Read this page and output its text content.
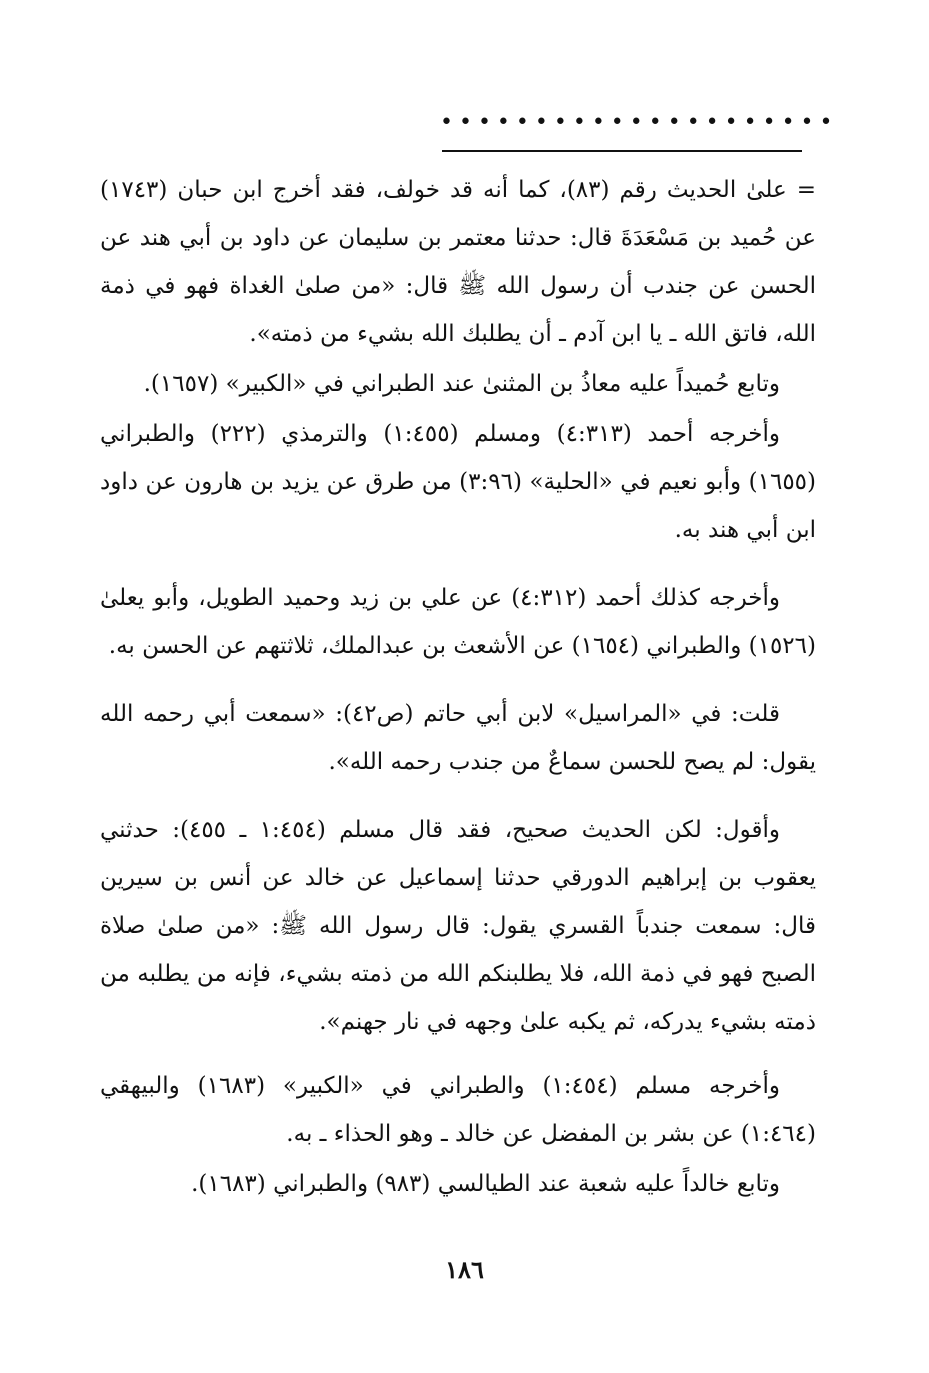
•••••••••••••••••••••

= علىٰ الحديث رقم (٨٣)، كما أنه قد خولف، فقد أخرج ابن حبان (١٧٤٣) عن حُميد بن مَسْعَدَةَ قال: حدثنا معتمر بن سليمان عن داود بن أبي هند عن الحسن عن جندب أن رسول الله ﷺ قال: «من صلىٰ الغداة فهو في ذمة الله، فاتق الله ـ يا ابن آدم ـ أن يطلبك الله بشيء من ذمته».

وتابع حُميداً عليه معاذُ بن المثنىٰ عند الطبراني في «الكبير» (١٦٥٧).

وأخرجه أحمد (٤:٣١٣) ومسلم (١:٤٥٥) والترمذي (٢٢٢) والطبراني (١٦٥٥) وأبو نعيم في «الحلية» (٣:٩٦) من طرق عن يزيد بن هارون عن داود ابن أبي هند به.

وأخرجه كذلك أحمد (٤:٣١٢) عن علي بن زيد وحميد الطويل، وأبو يعلىٰ (١٥٢٦) والطبراني (١٦٥٤) عن الأشعث بن عبدالملك، ثلاثتهم عن الحسن به.

قلت: في «المراسيل» لابن أبي حاتم (ص٤٢): «سمعت أبي رحمه الله يقول: لم يصح للحسن سماعٌ من جندب رحمه الله».

وأقول: لكن الحديث صحيح، فقد قال مسلم (١:٤٥٤ ـ ٤٥٥): حدثني يعقوب بن إبراهيم الدورقي حدثنا إسماعيل عن خالد عن أنس بن سيرين قال: سمعت جندباً القسري يقول: قال رسول الله ﷺ: «من صلىٰ صلاة الصبح فهو في ذمة الله، فلا يطلبنكم الله من ذمته بشيء، فإنه من يطلبه من ذمته بشيء يدركه، ثم يكبه علىٰ وجهه في نار جهنم».

وأخرجه مسلم (١:٤٥٤) والطبراني في «الكبير» (١٦٨٣) والبيهقي (١:٤٦٤) عن بشر بن المفضل عن خالد ـ وهو الحذاء ـ به.

وتابع خالداً عليه شعبة عند الطيالسي (٩٨٣) والطبراني (١٦٨٣).

١٨٦
